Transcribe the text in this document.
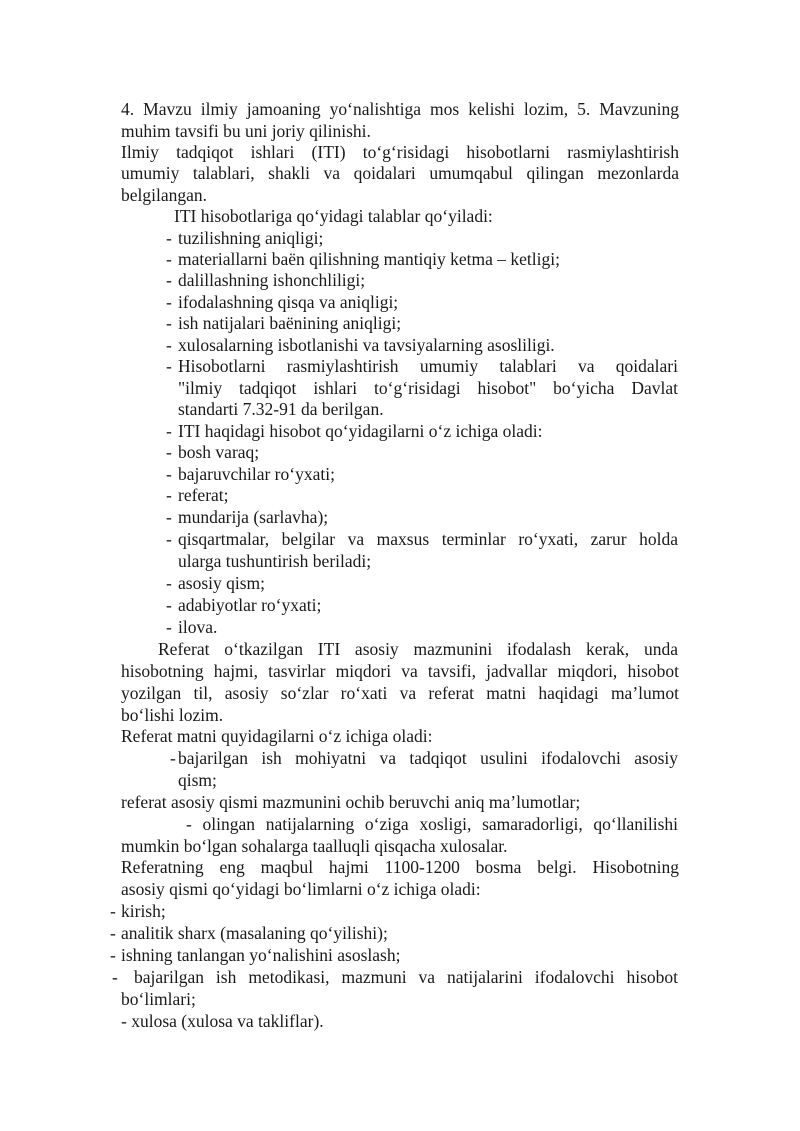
4. Mavzu ilmiy jamoaning yo‘nalishtiga mos kelishi lozim, 5. Mavzuning
muhim tavsifi bu uni joriy qilinishi.
Ilmiy tadqiqot ishlari (ITI) to‘g‘risidagi hisobotlarni rasmiylashtirish
umumiy talablari, shakli va qoidalari umumqabul qilingan mezonlarda
belgilangan.
ITI hisobotlariga qo‘yidagi talablar qo‘yiladi:
- tuzilishning aniqligi;
- materiallarni baёn qilishning mantiqiy ketma – ketligi;
- dalillashning ishonchliligi;
- ifodalashning qisqa va aniqligi;
- ish natijalari baёnining aniqligi;
- xulosalarning isbotlanishi va tavsiyalarning asosliligi.
- Hisobotlarni rasmiylashtirish umumiy talablari va qoidalari
"ilmiy tadqiqot ishlari to‘g‘risidagi hisobot" bo‘yicha Davlat
standarti 7.32-91 da berilgan.
- ITI haqidagi hisobot qo‘yidagilarni o‘z ichiga oladi:
- bosh varaq;
- bajaruvchilar ro‘yxati;
- referat;
- mundarija (sarlavha);
- qisqartmalar, belgilar va maxsus terminlar ro‘yxati, zarur holda
ularga tushuntirish beriladi;
- asosiy qism;
- adabiyotlar ro‘yxati;
- ilova.
Referat o‘tkazilgan ITI asosiy mazmunini ifodalash kerak, unda
hisobotning hajmi, tasvirlar miqdori va tavsifi, jadvallar miqdori, hisobot
yozilgan til, asosiy so‘zlar ro‘xati va referat matni haqidagi ma’lumot
bo‘lishi lozim.
Referat matni quyidagilarni o‘z ichiga oladi:
- bajarilgan ish mohiyatni va tadqiqot usulini ifodalovchi asosiy
qism;
referat asosiy qismi mazmunini ochib beruvchi aniq ma’lumotlar;
- olingan natijalarning o‘ziga xosligi, samaradorligi, qo‘llanilishi
mumkin bo‘lgan sohalarga taalluqli qisqacha xulosalar.
Referatning eng maqbul hajmi 1100-1200 bosma belgi. Hisobotning
asosiy qismi qo‘yidagi bo‘limlarni o‘z ichiga oladi:
- kirish;
- analitik sharx (masalaning qo‘yilishi);
- ishning tanlangan yo‘nalishini asoslash;
- bajarilgan ish metodikasi, mazmuni va natijalarini ifodalovchi hisobot
bo‘limlari;
- xulosa (xulosa va takliflar).
